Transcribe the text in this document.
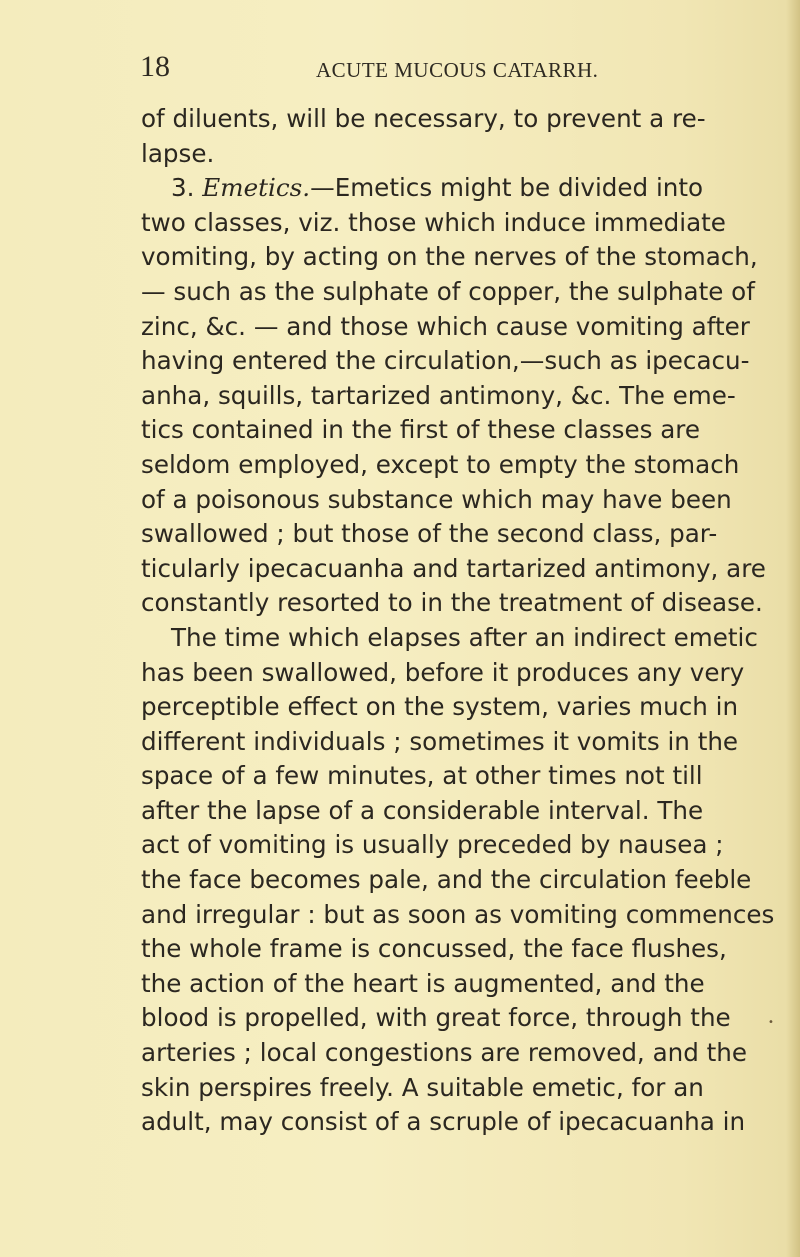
18	ACUTE MUCOUS CATARRH.
of diluents, will be necessary, to prevent a re-
lapse.
3. Emetics.—Emetics might be divided into
two classes, viz. those which induce immediate
vomiting, by acting on the nerves of the stomach,
— such as the sulphate of copper, the sulphate of
zinc, &c. — and those which cause vomiting after
having entered the circulation,—such as ipecacu-
anha, squills, tartarized antimony, &c. The eme-
tics contained in the first of these classes are
seldom employed, except to empty the stomach
of a poisonous substance which may have been
swallowed ; but those of the second class, par-
ticularly ipecacuanha and tartarized antimony, are
constantly resorted to in the treatment of disease.
The time which elapses after an indirect emetic
has been swallowed, before it produces any very
perceptible effect on the system, varies much in
different individuals ; sometimes it vomits in the
space of a few minutes, at other times not till
after the lapse of a considerable interval. The
act of vomiting is usually preceded by nausea ;
the face becomes pale, and the circulation feeble
and irregular : but as soon as vomiting commences
the whole frame is concussed, the face flushes,
the action of the heart is augmented, and the
blood is propelled, with great force, through the
arteries ; local congestions are removed, and the
skin perspires freely. A suitable emetic, for an
adult, may consist of a scruple of ipecacuanha in
•
